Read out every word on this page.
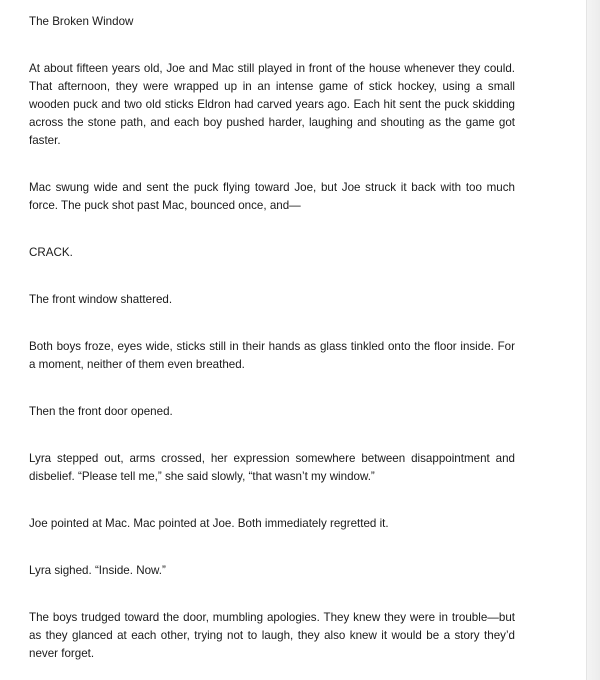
The Broken Window

At about fifteen years old, Joe and Mac still played in front of the house whenever they could. That afternoon, they were wrapped up in an intense game of stick hockey, using a small wooden puck and two old sticks Eldron had carved years ago. Each hit sent the puck skidding across the stone path, and each boy pushed harder, laughing and shouting as the game got faster.

Mac swung wide and sent the puck flying toward Joe, but Joe struck it back with too much force. The puck shot past Mac, bounced once, and—

CRACK.

The front window shattered.

Both boys froze, eyes wide, sticks still in their hands as glass tinkled onto the floor inside. For a moment, neither of them even breathed.

Then the front door opened.

Lyra stepped out, arms crossed, her expression somewhere between disappointment and disbelief. “Please tell me,” she said slowly, “that wasn’t my window.”

Joe pointed at Mac. Mac pointed at Joe. Both immediately regretted it.

Lyra sighed. “Inside. Now.”

The boys trudged toward the door, mumbling apologies. They knew they were in trouble—but as they glanced at each other, trying not to laugh, they also knew it would be a story they’d never forget.
